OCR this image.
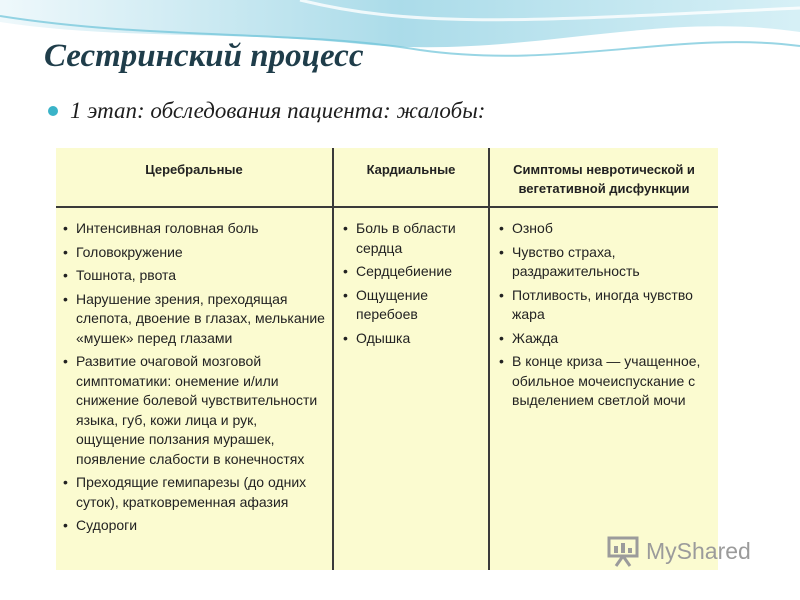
Сестринский процесс
1 этап: обследования пациента: жалобы:
Церебральные
• Интенсивная головная боль
• Головокружение
• Тошнота, рвота
• Нарушение зрения, преходящая слепота, двоение в глазах, мелькание «мушек» перед глазами
• Развитие очаговой мозговой симптоматики: онемение и/или снижение болевой чувствительности языка, губ, кожи лица и рук, ощущение ползания мурашек, появление слабости в конечностях
• Преходящие гемипарезы (до одних суток), кратковременная афазия
• Судороги
Кардиальные
• Боль в области сердца
• Сердцебиение
• Ощущение перебоев
• Одышка
Симптомы невротической и вегетативной дисфункции
• Озноб
• Чувство страха, раздражительность
• Потливость, иногда чувство жара
• Жажда
• В конце криза — учащенное, обильное мочеиспускание с выделением светлой мочи
MyShared
